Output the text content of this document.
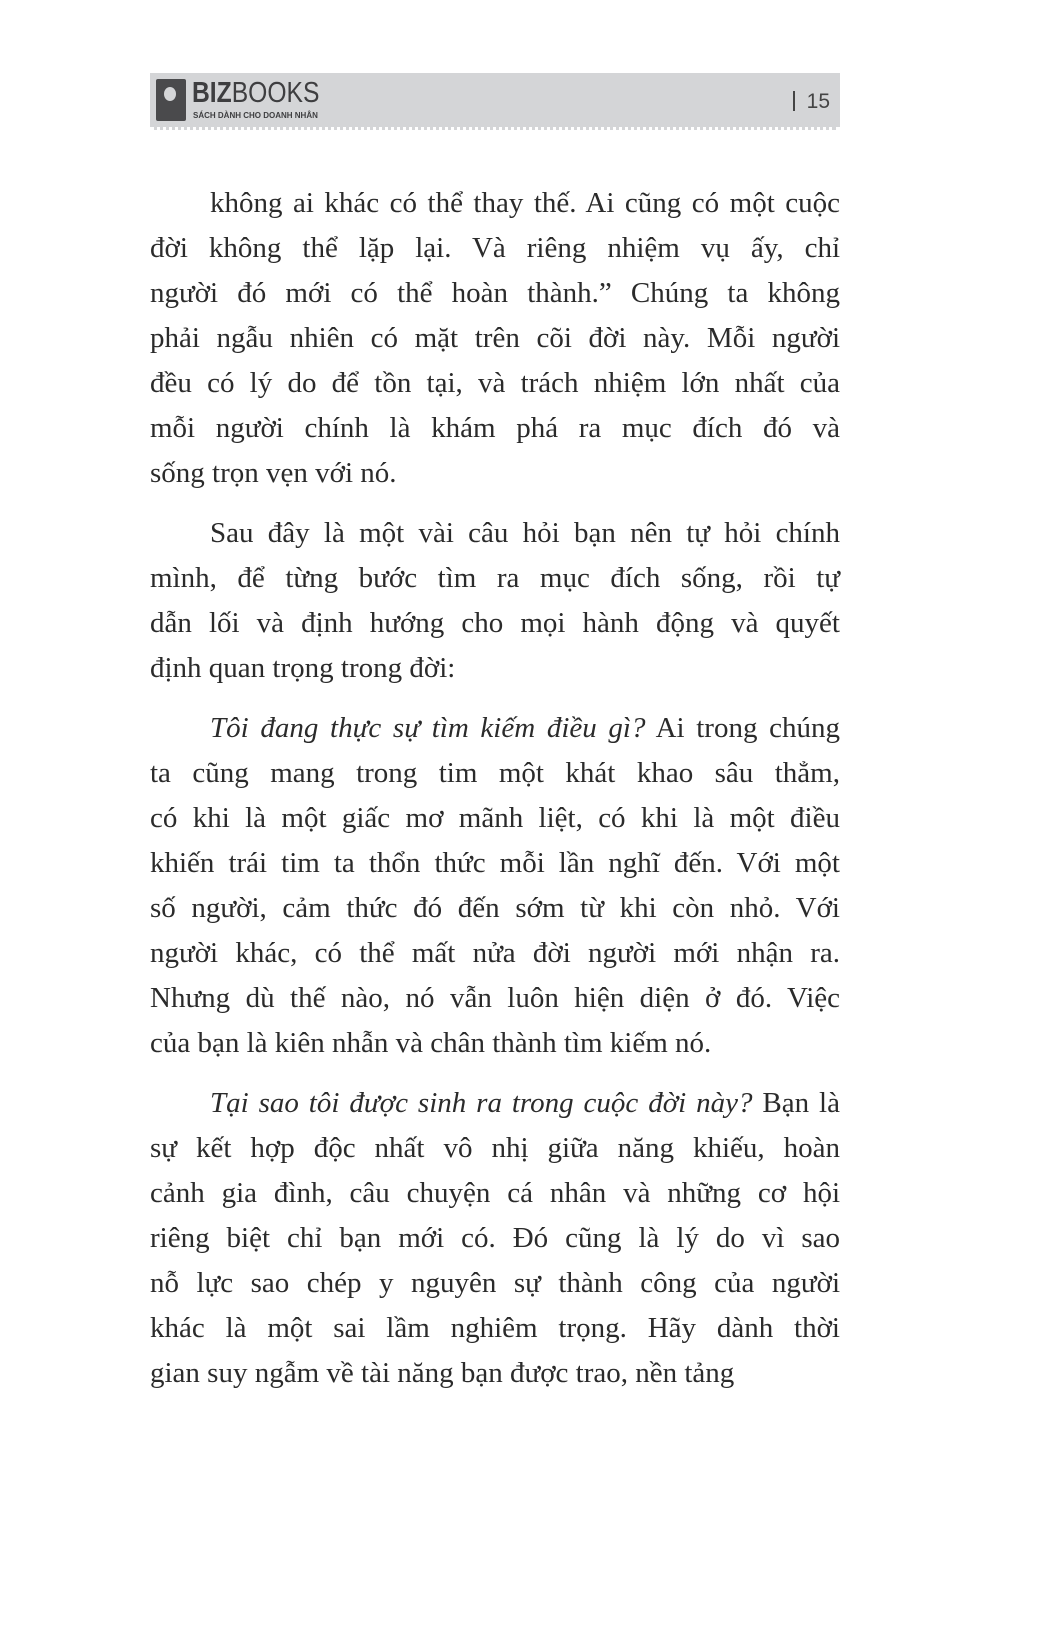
BIZBOOKS
SÁCH DÀNH CHO DOANH NHÂN
15
không ai khác có thể thay thế. Ai cũng có một cuộc
đời không thể lặp lại. Và riêng nhiệm vụ ấy, chỉ
người đó mới có thể hoàn thành.” Chúng ta không
phải ngẫu nhiên có mặt trên cõi đời này. Mỗi người
đều có lý do để tồn tại, và trách nhiệm lớn nhất của
mỗi người chính là khám phá ra mục đích đó và
sống trọn vẹn với nó.
Sau đây là một vài câu hỏi bạn nên tự hỏi chính
mình, để từng bước tìm ra mục đích sống, rồi tự
dẫn lối và định hướng cho mọi hành động và quyết
định quan trọng trong đời:
Tôi đang thực sự tìm kiếm điều gì? Ai trong chúng
ta cũng mang trong tim một khát khao sâu thẳm,
có khi là một giấc mơ mãnh liệt, có khi là một điều
khiến trái tim ta thổn thức mỗi lần nghĩ đến. Với một
số người, cảm thức đó đến sớm từ khi còn nhỏ. Với
người khác, có thể mất nửa đời người mới nhận ra.
Nhưng dù thế nào, nó vẫn luôn hiện diện ở đó. Việc
của bạn là kiên nhẫn và chân thành tìm kiếm nó.
Tại sao tôi được sinh ra trong cuộc đời này? Bạn là
sự kết hợp độc nhất vô nhị giữa năng khiếu, hoàn
cảnh gia đình, câu chuyện cá nhân và những cơ hội
riêng biệt chỉ bạn mới có. Đó cũng là lý do vì sao
nỗ lực sao chép y nguyên sự thành công của người
khác là một sai lầm nghiêm trọng. Hãy dành thời
gian suy ngẫm về tài năng bạn được trao, nền tảng
